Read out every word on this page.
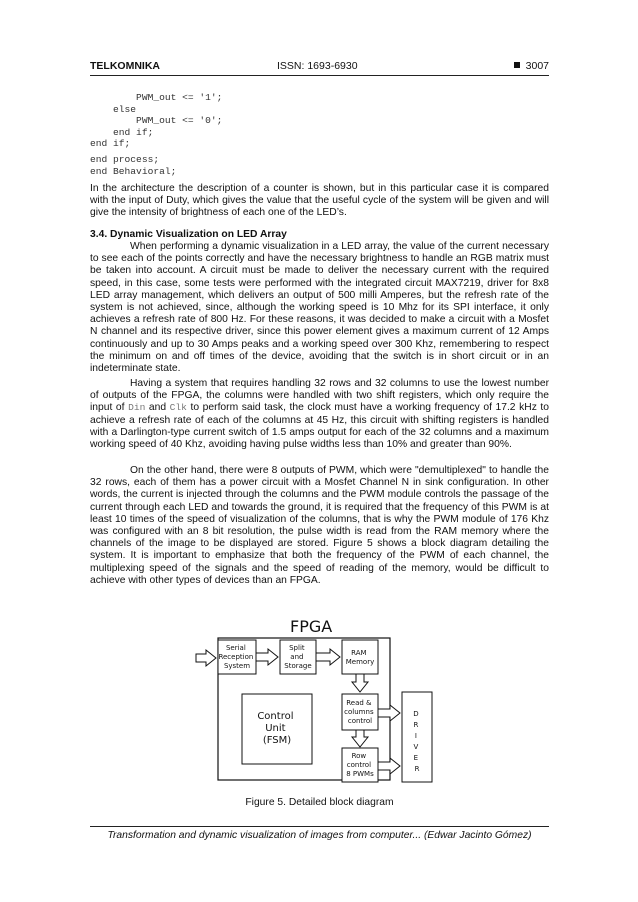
TELKOMNIKA	ISSN: 1693-6930	3007
PWM_out <= '1';
else
PWM_out <= '0';
end if;
end if;
end process;
end Behavioral;

In the architecture the description of a counter is shown, but in this particular case it is compared with the input of Duty, which gives the value that the useful cycle of the system will be given and will give the intensity of brightness of each one of the LED’s.

3.4. Dynamic Visualization on LED Array

When performing a dynamic visualization in a LED array, the value of the current necessary to see each of the points correctly and have the necessary brightness to handle an RGB matrix must be taken into account. A circuit must be made to deliver the necessary current with the required speed, in this case, some tests were performed with the integrated circuit MAX7219, driver for 8x8 LED array management, which delivers an output of 500 milli Amperes, but the refresh rate of the system is not achieved, since, although the working speed is 10 Mhz for its SPI interface, it only achieves a refresh rate of 800 Hz. For these reasons, it was decided to make a circuit with a Mosfet N channel and its respective driver, since this power element gives a maximum current of 12 Amps continuously and up to 30 Amps peaks and a working speed over 300 Khz, remembering to respect the minimum on and off times of the device, avoiding that the switch is in short circuit or in an indeterminate state.

Having a system that requires handling 32 rows and 32 columns to use the lowest number of outputs of the FPGA, the columns were handled with two shift registers, which only require the input of Din and Clk to perform said task, the clock must have a working frequency of 17.2 kHz to achieve a refresh rate of each of the columns at 45 Hz, this circuit with shifting registers is handled with a Darlington-type current switch of 1.5 amps output for each of the 32 columns and a maximum working speed of 40 Khz, avoiding having pulse widths less than 10% and greater than 90%.

On the other hand, there were 8 outputs of PWM, which were "demultiplexed" to handle the 32 rows, each of them has a power circuit with a Mosfet Channel N in sink configuration. In other words, the current is injected through the columns and the PWM module controls the passage of the current through each LED and towards the ground, it is required that the frequency of this PWM is at least 10 times of the speed of visualization of the columns, that is why the PWM module of 176 Khz was configured with an 8 bit resolution, the pulse width is read from the RAM memory where the channels of the image to be displayed are stored. Figure 5 shows a block diagram detailing the system. It is important to emphasize that both the frequency of the PWM of each channel, the multiplexing speed of the signals and the speed of reading of the memory, would be difficult to achieve with other types of devices than an FPGA.

FPGA
Serial Reception System
Split and Storage
RAM Memory
Read & columns control
Row control 8 PWMs
Control Unit (FSM)
D R I V E R
Figure 5. Detailed block diagram
Transformation and dynamic visualization of images from computer... (Edwar Jacinto Gómez)
